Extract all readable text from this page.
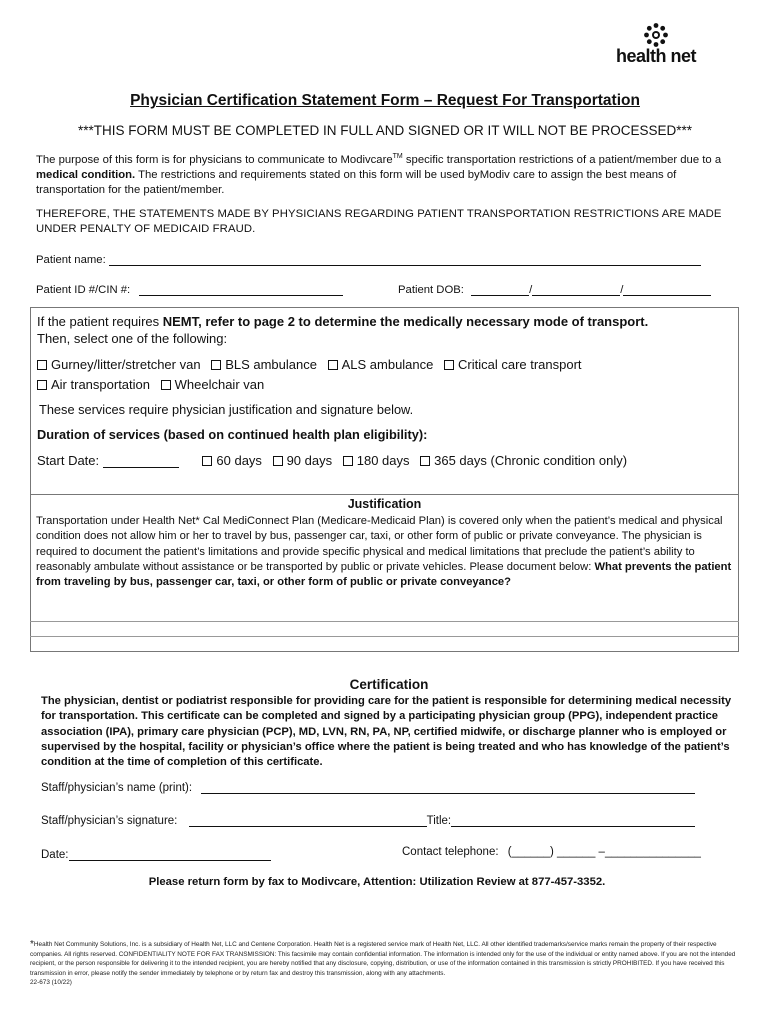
health net
Physician Certification Statement Form – Request For Transportation
***THIS FORM MUST BE COMPLETED IN FULL AND SIGNED OR IT WILL NOT BE PROCESSED***
The purpose of this form is for physicians to communicate to Modivcare™ specific transportation restrictions of a patient/member due to a medical condition. The restrictions and requirements stated on this form will be used byModiv care to assign the best means of transportation for the patient/member.
THEREFORE, THE STATEMENTS MADE BY PHYSICIANS REGARDING PATIENT TRANSPORTATION RESTRICTIONS ARE MADE UNDER PENALTY OF MEDICAID FRAUD.
Patient name:
Patient ID #/CIN #:	Patient DOB:	/	/
If the patient requires NEMT, refer to page 2 to determine the medically necessary mode of transport.
Then, select one of the following:
Gurney/litter/stretcher van BLS ambulance ALS ambulance Critical care transport
Air transportation Wheelchair van
These services require physician justification and signature below.
Duration of services (based on continued health plan eligibility):
Start Date:	60 days 90 days 180 days 365 days (Chronic condition only)
Justification
Transportation under Health Net* Cal MediConnect Plan (Medicare-Medicaid Plan) is covered only when the patient’s medical and physical condition does not allow him or her to travel by bus, passenger car, taxi, or other form of public or private conveyance. The physician is required to document the patient’s limitations and provide specific physical and medical limitations that preclude the patient’s ability to reasonably ambulate without assistance or be transported by public or private vehicles. Please document below: What prevents the patient from traveling by bus, passenger car, taxi, or other form of public or private conveyance?
Certification
The physician, dentist or podiatrist responsible for providing care for the patient is responsible for determining medical necessity for transportation. This certificate can be completed and signed by a participating physician group (PPG), independent practice association (IPA), primary care physician (PCP), MD, LVN, RN, PA, NP, certified midwife, or discharge planner who is employed or supervised by the hospital, facility or physician’s office where the patient is being treated and who has knowledge of the patient’s condition at the time of completion of this certificate.
Staff/physician’s name (print):
Staff/physician’s signature:	Title:
Date:	Contact telephone: (______) ______ –_______________
Please return form by fax to Modivcare, Attention: Utilization Review at 877-457-3352.
*Health Net Community Solutions, Inc. is a subsidiary of Health Net, LLC and Centene Corporation. Health Net is a registered service mark of Health Net, LLC. All other identified trademarks/service marks remain the property of their respective companies. All rights reserved. CONFIDENTIALITY NOTE FOR FAX TRANSMISSION: This facsimile may contain confidential information. The information is intended only for the use of the individual or entity named above. If you are not the intended recipient, or the person responsible for delivering it to the intended recipient, you are hereby notified that any disclosure, copying, distribution, or use of the information contained in this transmission is strictly PROHIBITED. If you have received this transmission in error, please notify the sender immediately by telephone or by return fax and destroy this transmission, along with any attachments.
22-673 (10/22)
